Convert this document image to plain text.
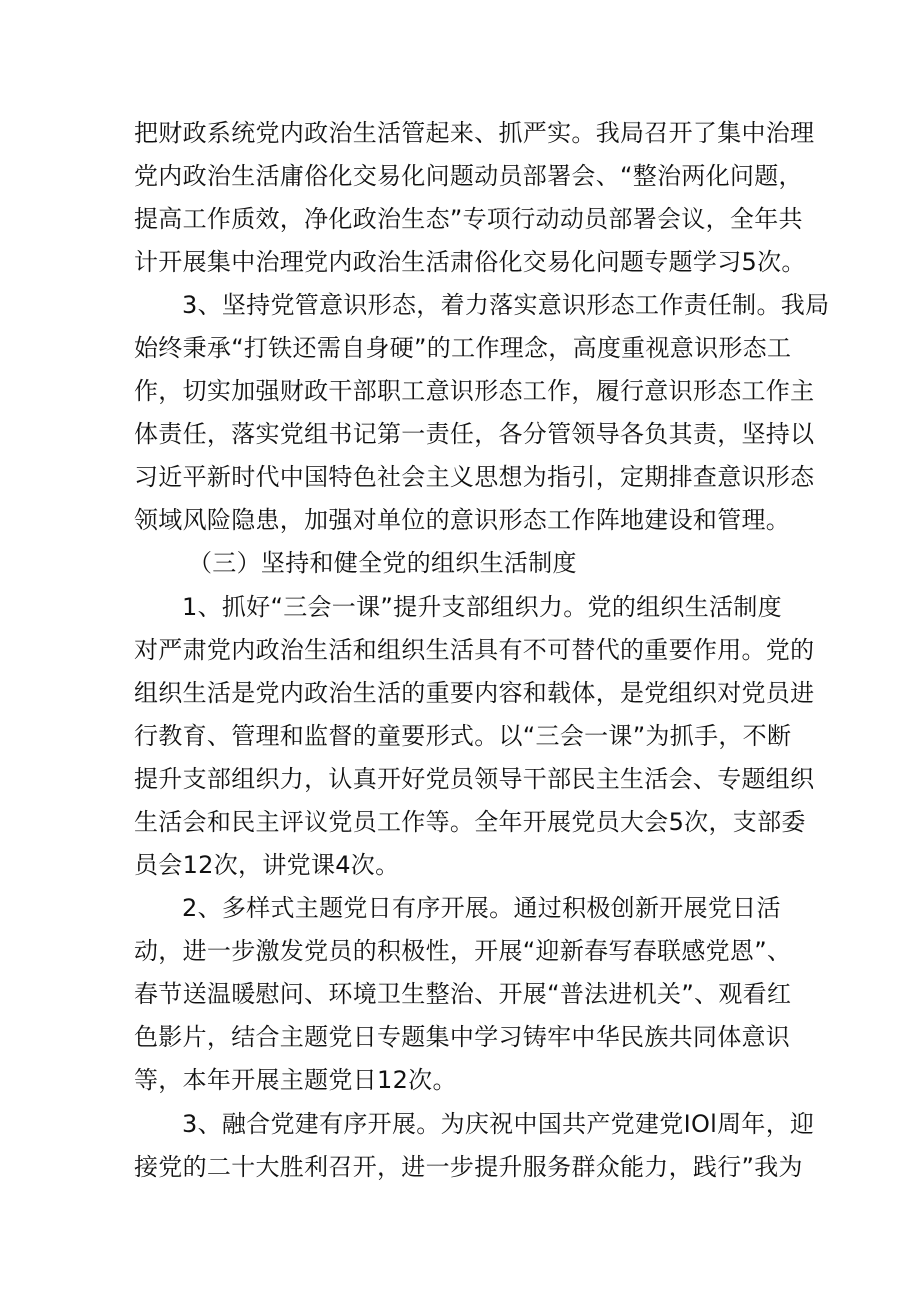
把财政系统党内政治生活管起来、抓严实。我局召开了集中治理
党内政治生活庸俗化交易化问题动员部署会、“整治两化问题，
提高工作质效，净化政治生态”专项行动动员部署会议，全年共
计开展集中治理党内政治生活肃俗化交易化问题专题学习5次。
3、坚持党管意识形态，着力落实意识形态工作责任制。我局
始终秉承“打铁还需自身硬”的工作理念，高度重视意识形态工
作，切实加强财政干部职工意识形态工作，履行意识形态工作主
体责任，落实党组书记第一责任，各分管领导各负其责，坚持以
习近平新时代中国特色社会主义思想为指引，定期排查意识形态
领域风险隐患，加强对单位的意识形态工作阵地建设和管理。
（三）坚持和健全党的组织生活制度
1、抓好“三会一课”提升支部组织力。党的组织生活制度
对严肃党内政治生活和组织生活具有不可替代的重要作用。党的
组织生活是党内政治生活的重要内容和载体，是党组织对党员进
行教育、管理和监督的童要形式。以“三会一课”为抓手，不断
提升支部组织力，认真开好党员领导干部民主生活会、专题组织
生活会和民主评议党员工作等。全年开展党员大会5次，支部委
员会12次，讲党课4次。
2、多样式主题党日有序开展。通过积极创新开展党日活
动，进一步激发党员的积极性，开展“迎新春写春联感党恩”、
春节送温暖慰问、环境卫生整治、开展“普法进机关”、观看红
色影片，结合主题党日专题集中学习铸牢中华民族共同体意识
等，本年开展主题党日12次。
3、融合党建有序开展。为庆祝中国共产党建党IOl周年，迎
接党的二十大胜利召开，进一步提升服务群众能力，践行”我为
